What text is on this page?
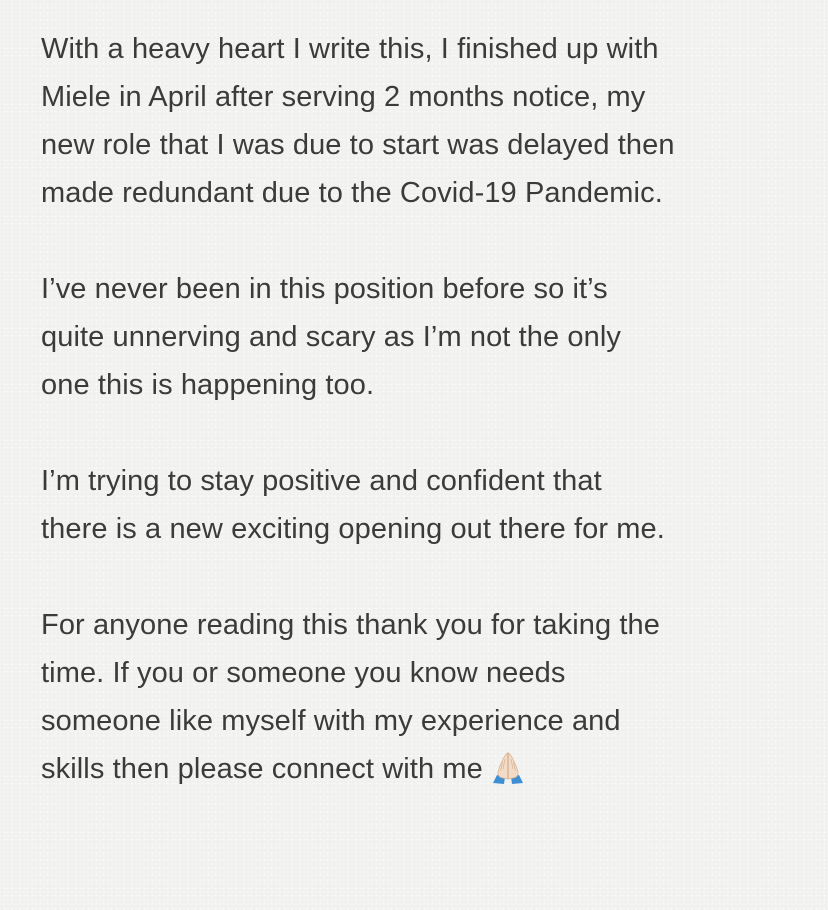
With a heavy heart I write this, I finished up with
Miele in April after serving 2 months notice, my
new role that I was due to start was delayed then
made redundant due to the Covid-19 Pandemic.

I’ve never been in this position before so it’s
quite unnerving and scary as I’m not the only
one this is happening too.

I’m trying to stay positive and confident that
there is a new exciting opening out there for me.

For anyone reading this thank you for taking the
time. If you or someone you know needs
someone like myself with my experience and
skills then please connect with me
